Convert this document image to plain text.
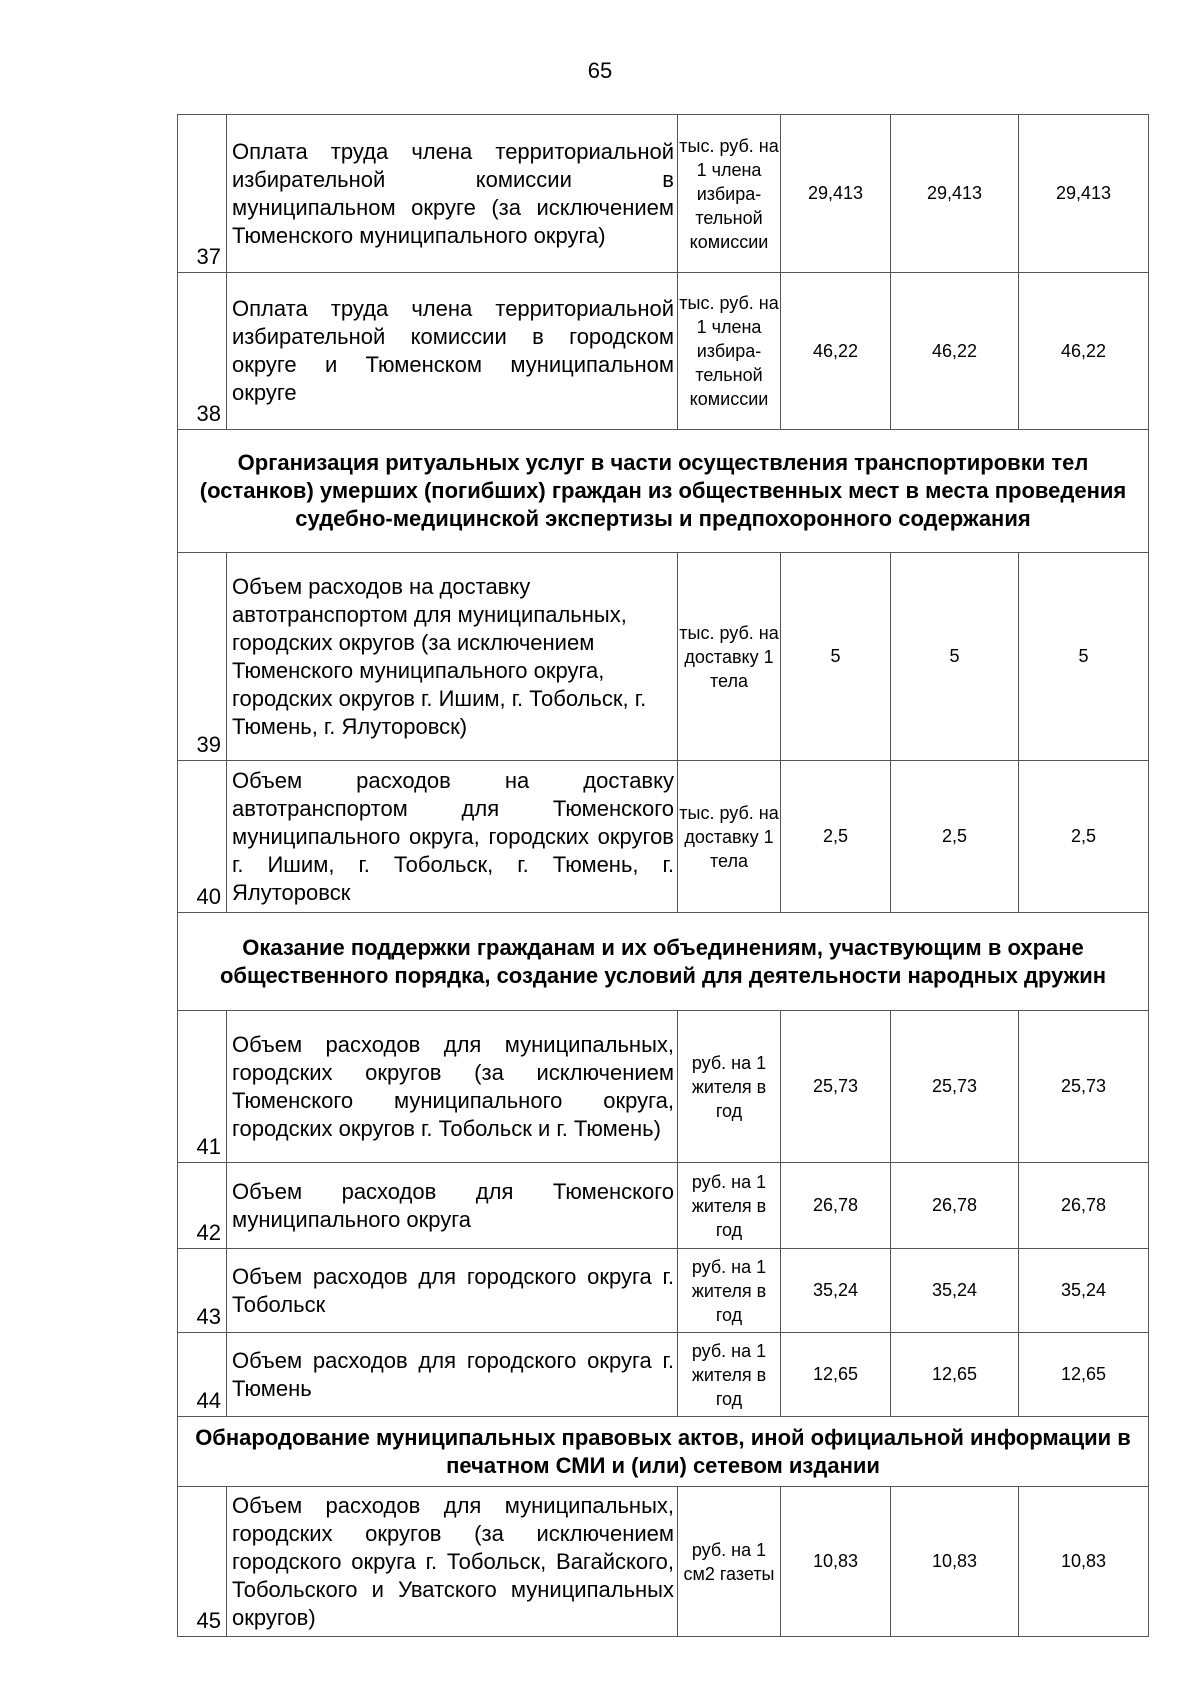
65
37	Оплата труда члена территориальной избирательной комиссии в муниципальном округе (за исключением Тюменского муниципального округа)	тыс. руб. на 1 члена избира- тельной комиссии	29,413	29,413	29,413
38	Оплата труда члена территориальной избирательной комиссии в городском округе и Тюменском муниципальном округе	тыс. руб. на 1 члена избира- тельной комиссии	46,22	46,22	46,22
Организация ритуальных услуг в части осуществления транспортировки тел (останков) умерших (погибших) граждан из общественных мест в места проведения судебно-медицинской экспертизы и предпохоронного содержания					
39	Объем расходов на доставку автотранспортом для муниципальных, городских округов (за исключением Тюменского муниципального округа, городских округов г. Ишим, г. Тобольск, г. Тюмень, г. Ялуторовск)	тыс. руб. на доставку 1 тела	5	5	5
40	Объем расходов на доставку автотранспортом для Тюменского муниципального округа, городских округов г. Ишим, г. Тобольск, г. Тюмень, г. Ялуторовск	тыс. руб. на доставку 1 тела	2,5	2,5	2,5
Оказание поддержки гражданам и их объединениям, участвующим в охране общественного порядка, создание условий для деятельности народных дружин					
41	Объем расходов для муниципальных, городских округов (за исключением Тюменского муниципального округа, городских округов г. Тобольск и г. Тюмень)	руб. на 1 жителя в год	25,73	25,73	25,73
42	Объем расходов для Тюменского муниципального округа	руб. на 1 жителя в год	26,78	26,78	26,78
43	Объем расходов для городского округа г. Тобольск	руб. на 1 жителя в год	35,24	35,24	35,24
44	Объем расходов для городского округа г. Тюмень	руб. на 1 жителя в год	12,65	12,65	12,65
Обнародование муниципальных правовых актов, иной официальной информации в печатном СМИ и (или) сетевом издании					
45	Объем расходов для муниципальных, городских округов (за исключением городского округа г. Тобольск, Вагайского, Тобольского и Уватского муниципальных округов)	руб. на 1 см2 газеты	10,83	10,83	10,83
